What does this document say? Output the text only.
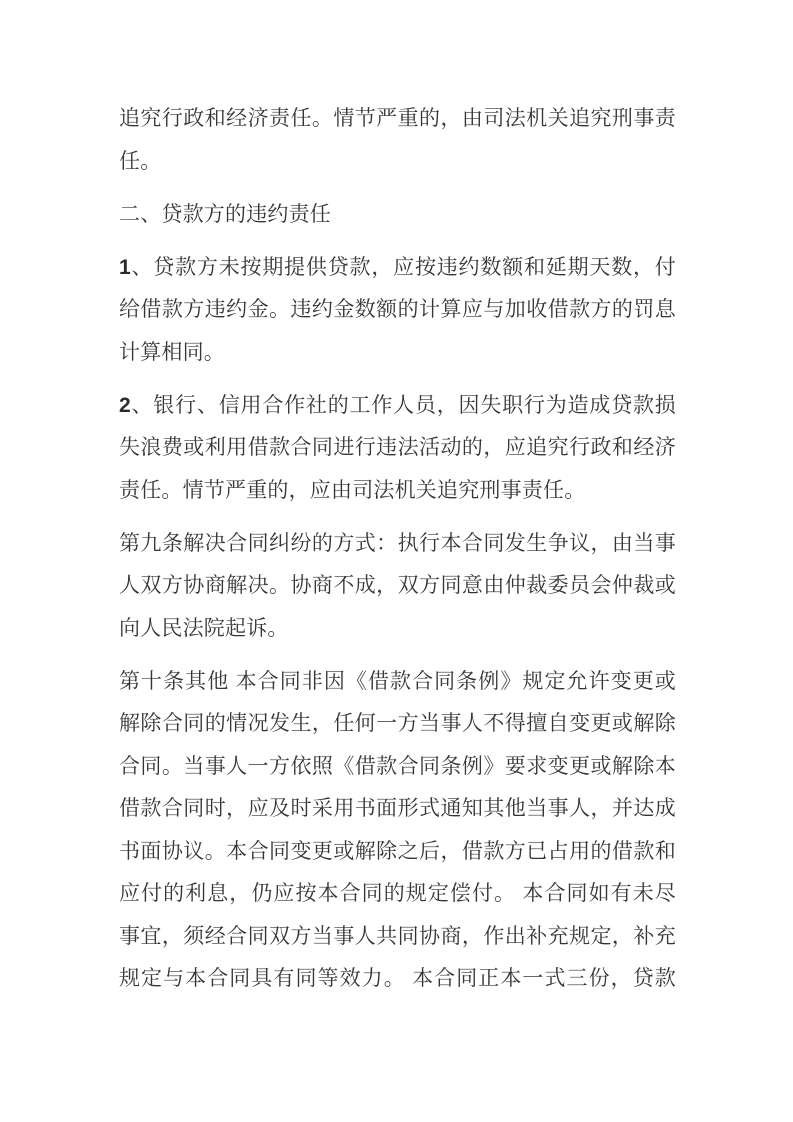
追究行政和经济责任。情节严重的，由司法机关追究刑事责
任。
二、贷款方的违约责任
1、贷款方未按期提供贷款，应按违约数额和延期天数，付
给借款方违约金。违约金数额的计算应与加收借款方的罚息
计算相同。
2、银行、信用合作社的工作人员，因失职行为造成贷款损
失浪费或利用借款合同进行违法活动的，应追究行政和经济
责任。情节严重的，应由司法机关追究刑事责任。
第九条解决合同纠纷的方式：执行本合同发生争议，由当事
人双方协商解决。协商不成，双方同意由仲裁委员会仲裁或
向人民法院起诉。
第十条其他 本合同非因《借款合同条例》规定允许变更或
解除合同的情况发生，任何一方当事人不得擅自变更或解除
合同。当事人一方依照《借款合同条例》要求变更或解除本
借款合同时，应及时采用书面形式通知其他当事人，并达成
书面协议。本合同变更或解除之后，借款方已占用的借款和
应付的利息，仍应按本合同的规定偿付。 本合同如有未尽
事宜，须经合同双方当事人共同协商，作出补充规定，补充
规定与本合同具有同等效力。 本合同正本一式三份，贷款
